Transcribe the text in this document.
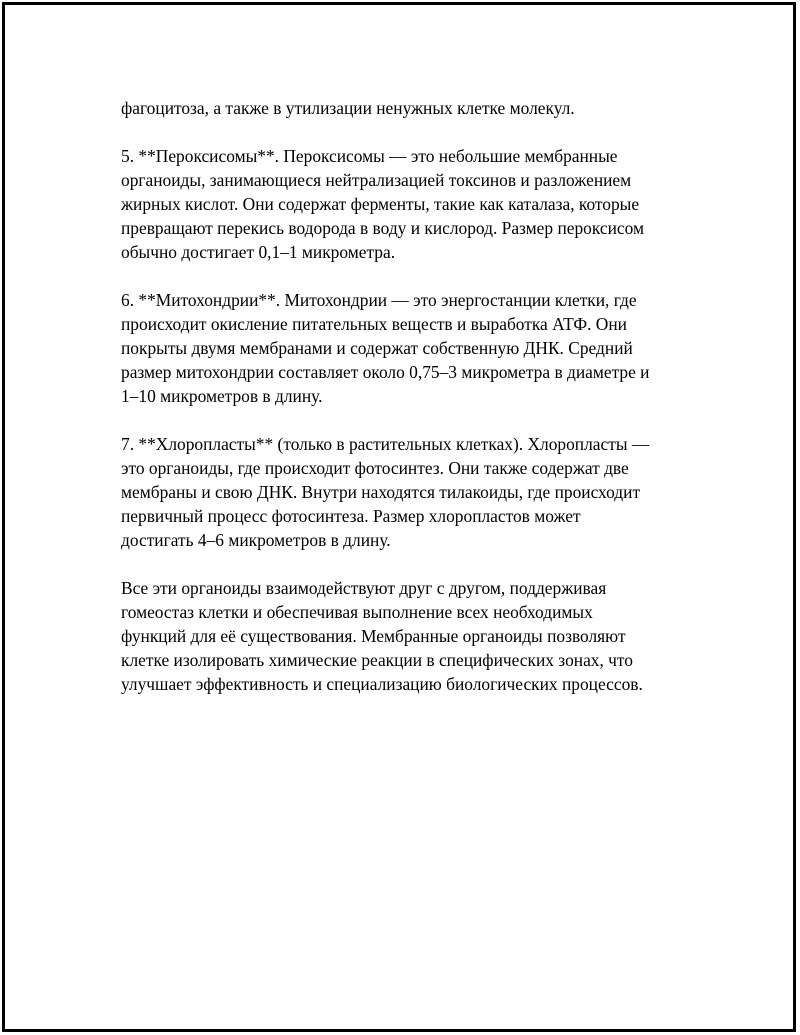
фагоцитоза, а также в утилизации ненужных клетке молекул.

5. **Пероксисомы**. Пероксисомы — это небольшие мембранные
органоиды, занимающиеся нейтрализацией токсинов и разложением
жирных кислот. Они содержат ферменты, такие как каталаза, которые
превращают перекись водорода в воду и кислород. Размер пероксисом
обычно достигает 0,1–1 микрометра.

6. **Митохондрии**. Митохондрии — это энергостанции клетки, где
происходит окисление питательных веществ и выработка АТФ. Они
покрыты двумя мембранами и содержат собственную ДНК. Средний
размер митохондрии составляет около 0,75–3 микрометра в диаметре и
1–10 микрометров в длину.

7. **Хлоропласты** (только в растительных клетках). Хлоропласты —
это органоиды, где происходит фотосинтез. Они также содержат две
мембраны и свою ДНК. Внутри находятся тилакоиды, где происходит
первичный процесс фотосинтеза. Размер хлоропластов может
достигать 4–6 микрометров в длину.

Все эти органоиды взаимодействуют друг с другом, поддерживая
гомеостаз клетки и обеспечивая выполнение всех необходимых
функций для её существования. Мембранные органоиды позволяют
клетке изолировать химические реакции в специфических зонах, что
улучшает эффективность и специализацию биологических процессов.
